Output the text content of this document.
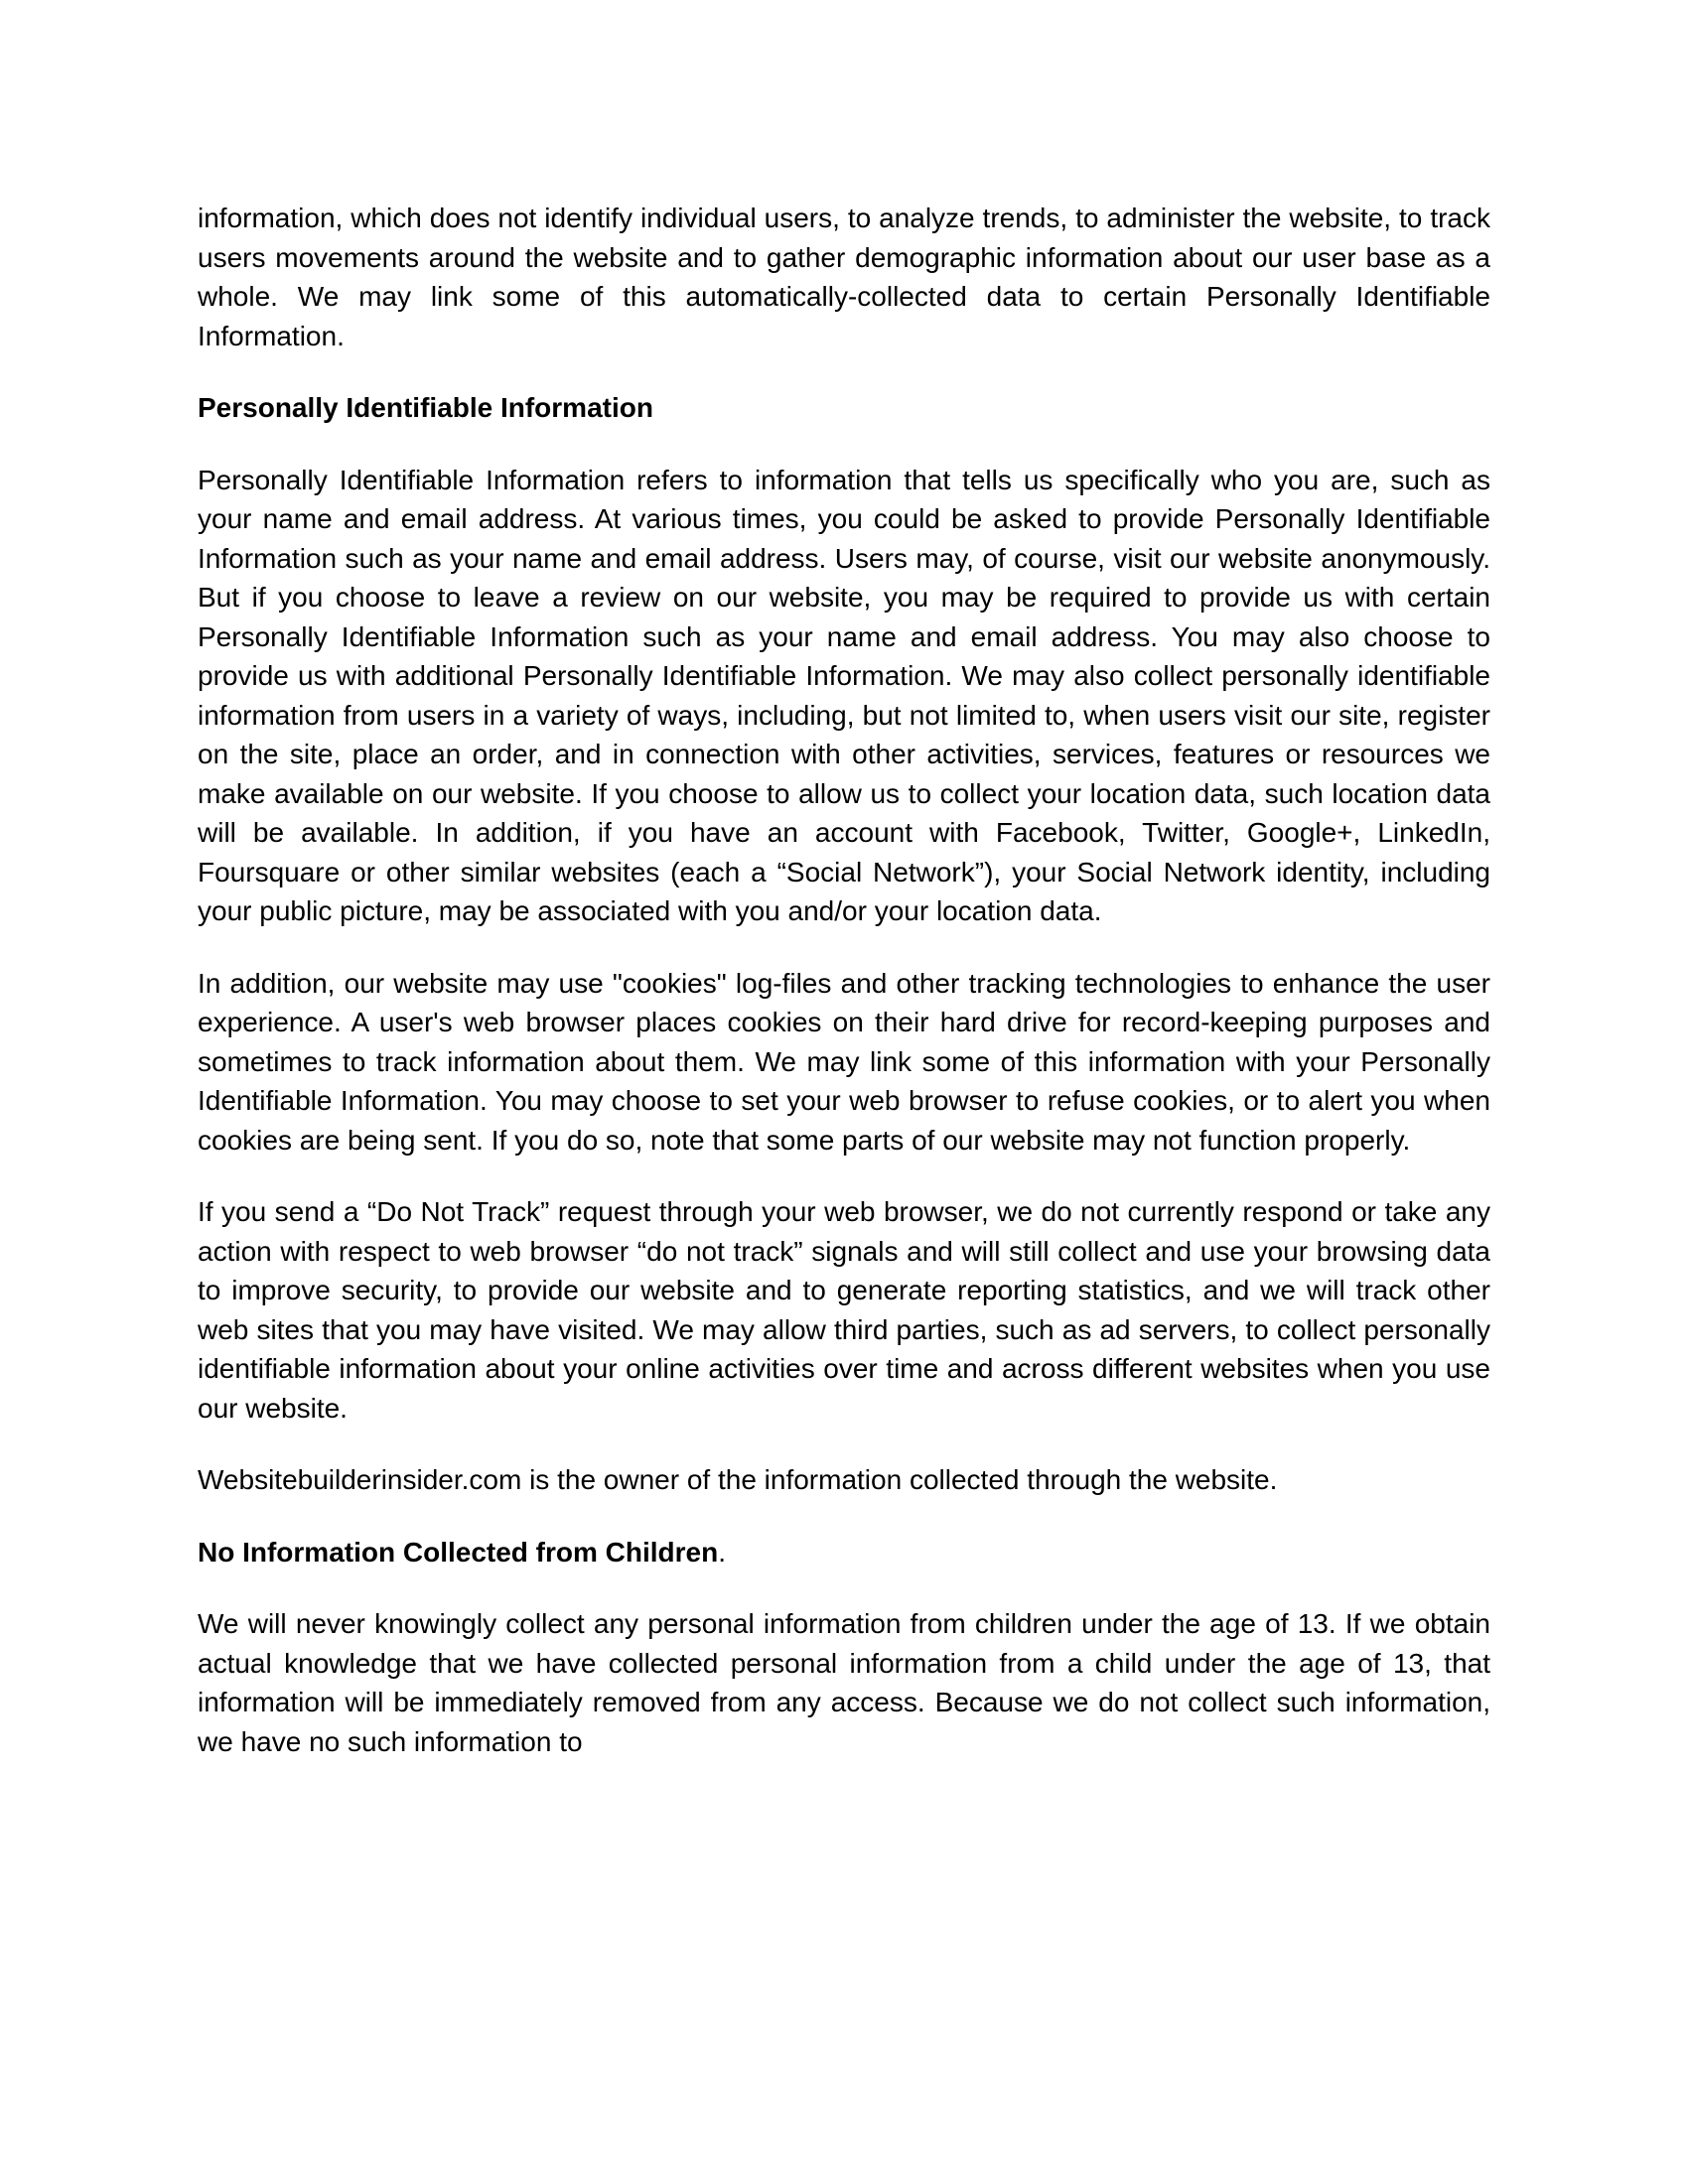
information, which does not identify individual users, to analyze trends, to administer the website, to track users movements around the website and to gather demographic information about our user base as a whole. We may link some of this automatically-collected data to certain Personally Identifiable Information.

Personally Identifiable Information

Personally Identifiable Information refers to information that tells us specifically who you are, such as your name and email address. At various times, you could be asked to provide Personally Identifiable Information such as your name and email address. Users may, of course, visit our website anonymously. But if you choose to leave a review on our website, you may be required to provide us with certain Personally Identifiable Information such as your name and email address. You may also choose to provide us with additional Personally Identifiable Information. We may also collect personally identifiable information from users in a variety of ways, including, but not limited to, when users visit our site, register on the site, place an order, and in connection with other activities, services, features or resources we make available on our website. If you choose to allow us to collect your location data, such location data will be available. In addition, if you have an account with Facebook, Twitter, Google+, LinkedIn, Foursquare or other similar websites (each a “Social Network”), your Social Network identity, including your public picture, may be associated with you and/or your location data.

In addition, our website may use "cookies" log-files and other tracking technologies to enhance the user experience. A user's web browser places cookies on their hard drive for record-keeping purposes and sometimes to track information about them. We may link some of this information with your Personally Identifiable Information. You may choose to set your web browser to refuse cookies, or to alert you when cookies are being sent. If you do so, note that some parts of our website may not function properly.

If you send a “Do Not Track” request through your web browser, we do not currently respond or take any action with respect to web browser “do not track” signals and will still collect and use your browsing data to improve security, to provide our website and to generate reporting statistics, and we will track other web sites that you may have visited. We may allow third parties, such as ad servers, to collect personally identifiable information about your online activities over time and across different websites when you use our website.

Websitebuilderinsider.com is the owner of the information collected through the website.

No Information Collected from Children.

We will never knowingly collect any personal information from children under the age of 13. If we obtain actual knowledge that we have collected personal information from a child under the age of 13, that information will be immediately removed from any access. Because we do not collect such information, we have no such information to
